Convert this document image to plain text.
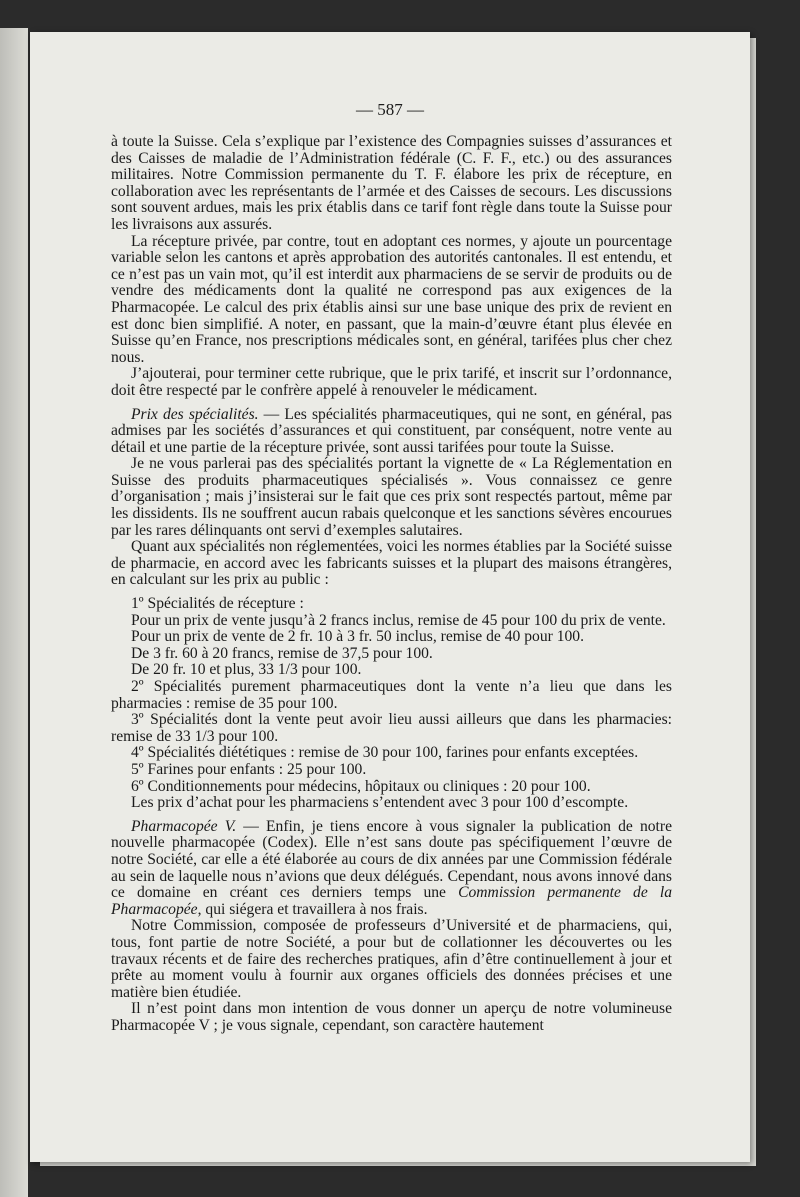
— 587 —

à toute la Suisse. Cela s’explique par l’existence des Compagnies suisses d’assurances et des Caisses de maladie de l’Administration fédérale (C. F. F., etc.) ou des assurances militaires. Notre Commission permanente du T. F. élabore les prix de récepture, en collaboration avec les représentants de l’armée et des Caisses de secours. Les discussions sont souvent ardues, mais les prix établis dans ce tarif font règle dans toute la Suisse pour les livraisons aux assurés.

La récepture privée, par contre, tout en adoptant ces normes, y ajoute un pourcentage variable selon les cantons et après approbation des autorités cantonales. Il est entendu, et ce n’est pas un vain mot, qu’il est interdit aux pharmaciens de se servir de produits ou de vendre des médicaments dont la qualité ne correspond pas aux exigences de la Pharmacopée. Le calcul des prix établis ainsi sur une base unique des prix de revient en est donc bien simplifié. A noter, en passant, que la main-d’œuvre étant plus élevée en Suisse qu’en France, nos prescriptions médicales sont, en général, tarifées plus cher chez nous.

J’ajouterai, pour terminer cette rubrique, que le prix tarifé, et inscrit sur l’ordonnance, doit être respecté par le confrère appelé à renouveler le médicament.

Prix des spécialités. — Les spécialités pharmaceutiques, qui ne sont, en général, pas admises par les sociétés d’assurances et qui constituent, par conséquent, notre vente au détail et une partie de la récepture privée, sont aussi tarifées pour toute la Suisse.

Je ne vous parlerai pas des spécialités portant la vignette de « La Réglementation en Suisse des produits pharmaceutiques spécialisés ». Vous connaissez ce genre d’organisation ; mais j’insisterai sur le fait que ces prix sont respectés partout, même par les dissidents. Ils ne souffrent aucun rabais quelconque et les sanctions sévères encourues par les rares délinquants ont servi d’exemples salutaires.

Quant aux spécialités non réglementées, voici les normes établies par la Société suisse de pharmacie, en accord avec les fabricants suisses et la plupart des maisons étrangères, en calculant sur les prix au public :

1º Spécialités de récepture :

Pour un prix de vente jusqu’à 2 francs inclus, remise de 45 pour 100 du prix de vente.

Pour un prix de vente de 2 fr. 10 à 3 fr. 50 inclus, remise de 40 pour 100.

De 3 fr. 60 à 20 francs, remise de 37,5 pour 100.

De 20 fr. 10 et plus, 33 1/3 pour 100.

2º Spécialités purement pharmaceutiques dont la vente n’a lieu que dans les pharmacies : remise de 35 pour 100.

3º Spécialités dont la vente peut avoir lieu aussi ailleurs que dans les pharmacies: remise de 33 1/3 pour 100.

4º Spécialités diététiques : remise de 30 pour 100, farines pour enfants exceptées.

5º Farines pour enfants : 25 pour 100.

6º Conditionnements pour médecins, hôpitaux ou cliniques : 20 pour 100.

Les prix d’achat pour les pharmaciens s’entendent avec 3 pour 100 d’escompte.

Pharmacopée V. — Enfin, je tiens encore à vous signaler la publication de notre nouvelle pharmacopée (Codex). Elle n’est sans doute pas spécifiquement l’œuvre de notre Société, car elle a été élaborée au cours de dix années par une Commission fédérale au sein de laquelle nous n’avions que deux délégués. Cependant, nous avons innové dans ce domaine en créant ces derniers temps une Commission permanente de la Pharmacopée, qui siégera et travaillera à nos frais.

Notre Commission, composée de professeurs d’Université et de pharmaciens, qui, tous, font partie de notre Société, a pour but de collationner les découvertes ou les travaux récents et de faire des recherches pratiques, afin d’être continuellement à jour et prête au moment voulu à fournir aux organes officiels des données précises et une matière bien étudiée.

Il n’est point dans mon intention de vous donner un aperçu de notre volumineuse Pharmacopée V ; je vous signale, cependant, son caractère hautement
